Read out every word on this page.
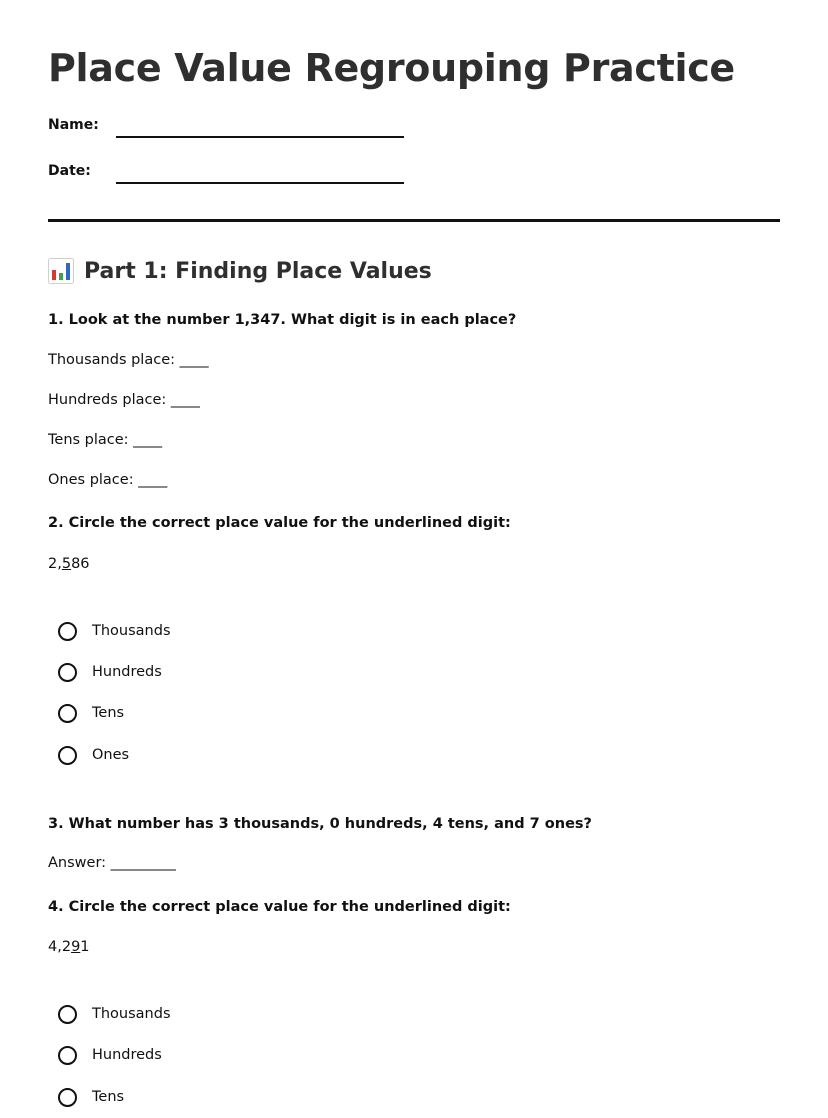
Place Value Regrouping Practice
Name:
Date:
Part 1: Finding Place Values
1. Look at the number 1,347. What digit is in each place?
Thousands place: ____
Hundreds place: ____
Tens place: ____
Ones place: ____
2. Circle the correct place value for the underlined digit:
2,586
Thousands
Hundreds
Tens
Ones
3. What number has 3 thousands, 0 hundreds, 4 tens, and 7 ones?
Answer: _________
4. Circle the correct place value for the underlined digit:
4,291
Thousands
Hundreds
Tens
